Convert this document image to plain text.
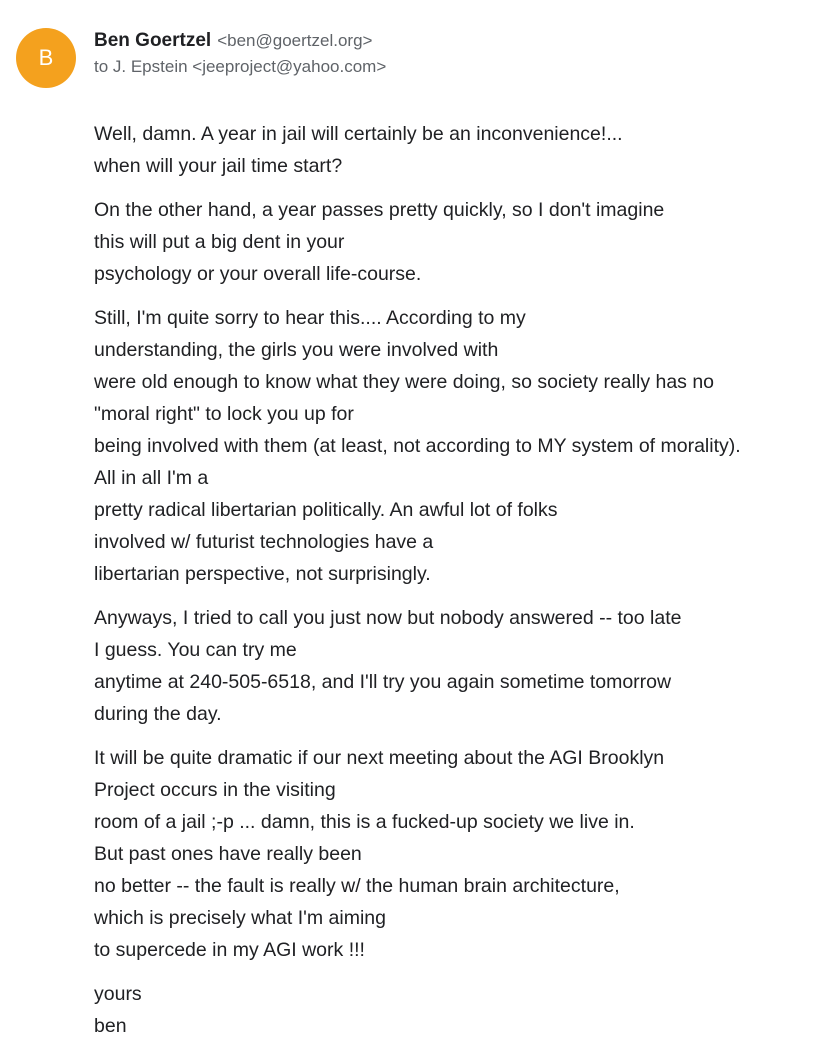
B
Ben Goertzel <ben@goertzel.org>
to J. Epstein <jeeproject@yahoo.com>
Well, damn. A year in jail will certainly be an inconvenience!...
when will your jail time start?
On the other hand, a year passes pretty quickly, so I don't imagine
this will put a big dent in your
psychology or your overall life-course.
Still, I'm quite sorry to hear this.... According to my
understanding, the girls you were involved with
were old enough to know what they were doing, so society really has no
"moral right" to lock you up for
being involved with them (at least, not according to MY system of morality).
All in all I'm a
pretty radical libertarian politically. An awful lot of folks
involved w/ futurist technologies have a
libertarian perspective, not surprisingly.
Anyways, I tried to call you just now but nobody answered -- too late
I guess. You can try me
anytime at 240-505-6518, and I'll try you again sometime tomorrow
during the day.
It will be quite dramatic if our next meeting about the AGI Brooklyn
Project occurs in the visiting
room of a jail ;-p ... damn, this is a fucked-up society we live in.
But past ones have really been
no better -- the fault is really w/ the human brain architecture,
which is precisely what I'm aiming
to supercede in my AGI work !!!
yours
ben
